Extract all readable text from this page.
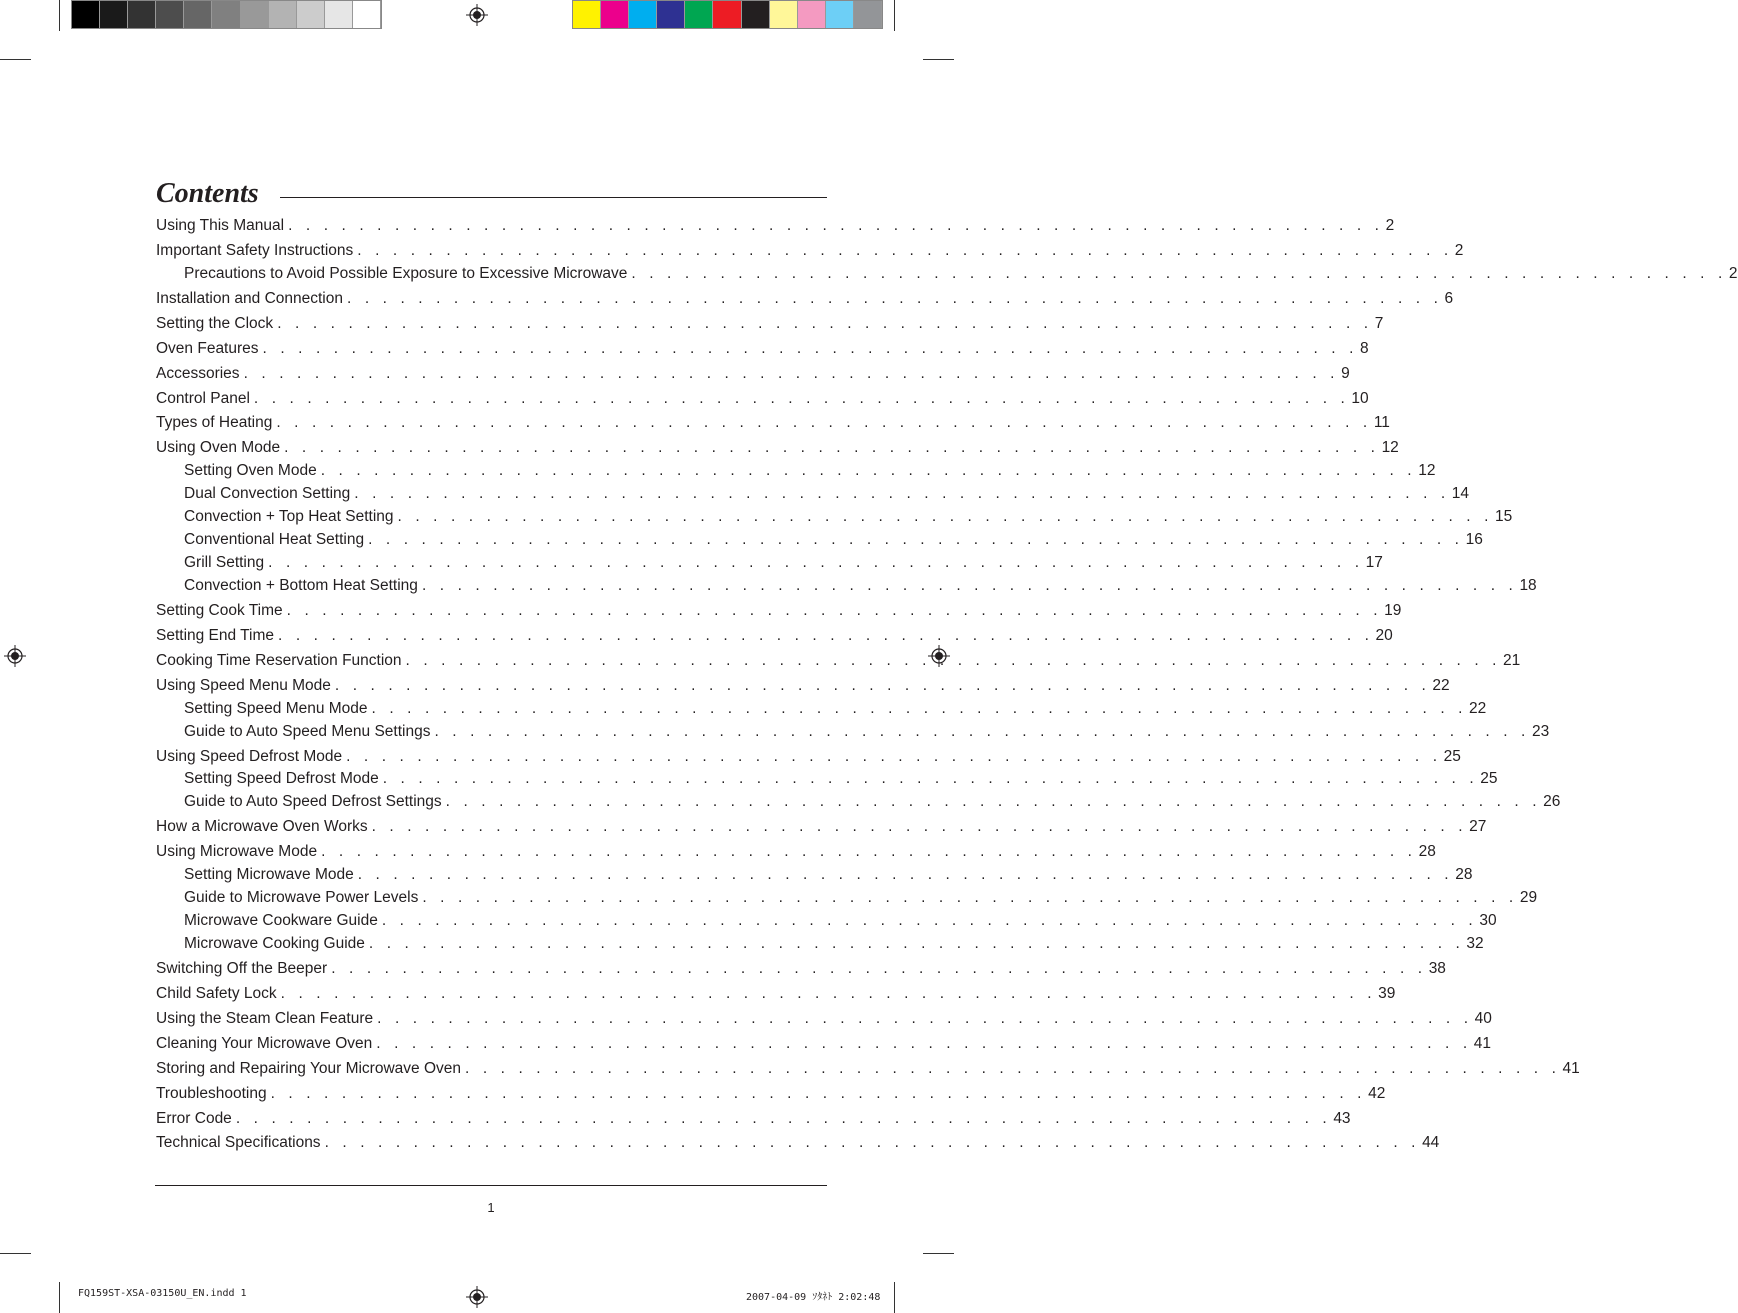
Contents
Using This Manual . . . . . . . . . . . . . . . . . . . . . . . . . . . . . . . . . . . . . . . . . . . . . . . . . . . . . . . . . . . . . . 2
Important Safety Instructions . . . . . . . . . . . . . . . . . . . . . . . . . . . . . . . . . . . . . . . . . . . . . . . . . . . . . . . . . . . . . . 2
Precautions to Avoid Possible Exposure to Excessive Microwave . . . . . . . . . . . . . . . . . . . . . . . . . . . . . . . . . . . . . . . . . . . . . . . . . . . . . . . . . . . . . . 2
Installation and Connection . . . . . . . . . . . . . . . . . . . . . . . . . . . . . . . . . . . . . . . . . . . . . . . . . . . . . . . . . . . . . . 6
Setting the Clock . . . . . . . . . . . . . . . . . . . . . . . . . . . . . . . . . . . . . . . . . . . . . . . . . . . . . . . . . . . . . . 7
Oven Features . . . . . . . . . . . . . . . . . . . . . . . . . . . . . . . . . . . . . . . . . . . . . . . . . . . . . . . . . . . . . . 8
Accessories . . . . . . . . . . . . . . . . . . . . . . . . . . . . . . . . . . . . . . . . . . . . . . . . . . . . . . . . . . . . . . 9
Control Panel . . . . . . . . . . . . . . . . . . . . . . . . . . . . . . . . . . . . . . . . . . . . . . . . . . . . . . . . . . . . . . 10
Types of Heating . . . . . . . . . . . . . . . . . . . . . . . . . . . . . . . . . . . . . . . . . . . . . . . . . . . . . . . . . . . . . . 11
Using Oven Mode . . . . . . . . . . . . . . . . . . . . . . . . . . . . . . . . . . . . . . . . . . . . . . . . . . . . . . . . . . . . . . 12
Setting Oven Mode . . . . . . . . . . . . . . . . . . . . . . . . . . . . . . . . . . . . . . . . . . . . . . . . . . . . . . . . . . . . . . 12
Dual Convection Setting . . . . . . . . . . . . . . . . . . . . . . . . . . . . . . . . . . . . . . . . . . . . . . . . . . . . . . . . . . . . . . 14
Convection + Top Heat Setting . . . . . . . . . . . . . . . . . . . . . . . . . . . . . . . . . . . . . . . . . . . . . . . . . . . . . . . . . . . . . . 15
Conventional Heat Setting . . . . . . . . . . . . . . . . . . . . . . . . . . . . . . . . . . . . . . . . . . . . . . . . . . . . . . . . . . . . . . 16
Grill Setting . . . . . . . . . . . . . . . . . . . . . . . . . . . . . . . . . . . . . . . . . . . . . . . . . . . . . . . . . . . . . . 17
Convection + Bottom Heat Setting . . . . . . . . . . . . . . . . . . . . . . . . . . . . . . . . . . . . . . . . . . . . . . . . . . . . . . . . . . . . . . 18
Setting Cook Time . . . . . . . . . . . . . . . . . . . . . . . . . . . . . . . . . . . . . . . . . . . . . . . . . . . . . . . . . . . . . . 19
Setting End Time . . . . . . . . . . . . . . . . . . . . . . . . . . . . . . . . . . . . . . . . . . . . . . . . . . . . . . . . . . . . . . 20
Cooking Time Reservation Function . . . . . . . . . . . . . . . . . . . . . . . . . . . . . . . . . . . . . . . . . . . . . . . . . . . . . . . . . . . . . . 21
Using Speed Menu Mode . . . . . . . . . . . . . . . . . . . . . . . . . . . . . . . . . . . . . . . . . . . . . . . . . . . . . . . . . . . . . . 22
Setting Speed Menu Mode . . . . . . . . . . . . . . . . . . . . . . . . . . . . . . . . . . . . . . . . . . . . . . . . . . . . . . . . . . . . . . 22
Guide to Auto Speed Menu Settings . . . . . . . . . . . . . . . . . . . . . . . . . . . . . . . . . . . . . . . . . . . . . . . . . . . . . . . . . . . . . . 23
Using Speed Defrost Mode . . . . . . . . . . . . . . . . . . . . . . . . . . . . . . . . . . . . . . . . . . . . . . . . . . . . . . . . . . . . . . 25
Setting Speed Defrost Mode . . . . . . . . . . . . . . . . . . . . . . . . . . . . . . . . . . . . . . . . . . . . . . . . . . . . . . . . . . . . . . 25
Guide to Auto Speed Defrost Settings . . . . . . . . . . . . . . . . . . . . . . . . . . . . . . . . . . . . . . . . . . . . . . . . . . . . . . . . . . . . . . 26
How a Microwave Oven Works . . . . . . . . . . . . . . . . . . . . . . . . . . . . . . . . . . . . . . . . . . . . . . . . . . . . . . . . . . . . . . 27
Using Microwave Mode . . . . . . . . . . . . . . . . . . . . . . . . . . . . . . . . . . . . . . . . . . . . . . . . . . . . . . . . . . . . . . 28
Setting Microwave Mode . . . . . . . . . . . . . . . . . . . . . . . . . . . . . . . . . . . . . . . . . . . . . . . . . . . . . . . . . . . . . . 28
Guide to Microwave Power Levels . . . . . . . . . . . . . . . . . . . . . . . . . . . . . . . . . . . . . . . . . . . . . . . . . . . . . . . . . . . . . . 29
Microwave Cookware Guide . . . . . . . . . . . . . . . . . . . . . . . . . . . . . . . . . . . . . . . . . . . . . . . . . . . . . . . . . . . . . . 30
Microwave Cooking Guide . . . . . . . . . . . . . . . . . . . . . . . . . . . . . . . . . . . . . . . . . . . . . . . . . . . . . . . . . . . . . . 32
Switching Off the Beeper . . . . . . . . . . . . . . . . . . . . . . . . . . . . . . . . . . . . . . . . . . . . . . . . . . . . . . . . . . . . . . 38
Child Safety Lock . . . . . . . . . . . . . . . . . . . . . . . . . . . . . . . . . . . . . . . . . . . . . . . . . . . . . . . . . . . . . . 39
Using the Steam Clean Feature . . . . . . . . . . . . . . . . . . . . . . . . . . . . . . . . . . . . . . . . . . . . . . . . . . . . . . . . . . . . . . 40
Cleaning Your Microwave Oven . . . . . . . . . . . . . . . . . . . . . . . . . . . . . . . . . . . . . . . . . . . . . . . . . . . . . . . . . . . . . . 41
Storing and Repairing Your Microwave Oven . . . . . . . . . . . . . . . . . . . . . . . . . . . . . . . . . . . . . . . . . . . . . . . . . . . . . . . . . . . . . . 41
Troubleshooting . . . . . . . . . . . . . . . . . . . . . . . . . . . . . . . . . . . . . . . . . . . . . . . . . . . . . . . . . . . . . . 42
Error Code . . . . . . . . . . . . . . . . . . . . . . . . . . . . . . . . . . . . . . . . . . . . . . . . . . . . . . . . . . . . . . 43
Technical Specifications . . . . . . . . . . . . . . . . . . . . . . . . . . . . . . . . . . . . . . . . . . . . . . . . . . . . . . . . . . . . . . 44
1
FQ159ST-XSA-03150U_EN.indd 1	2007-04-09 ｿﾀﾈﾄ 2:02:48
